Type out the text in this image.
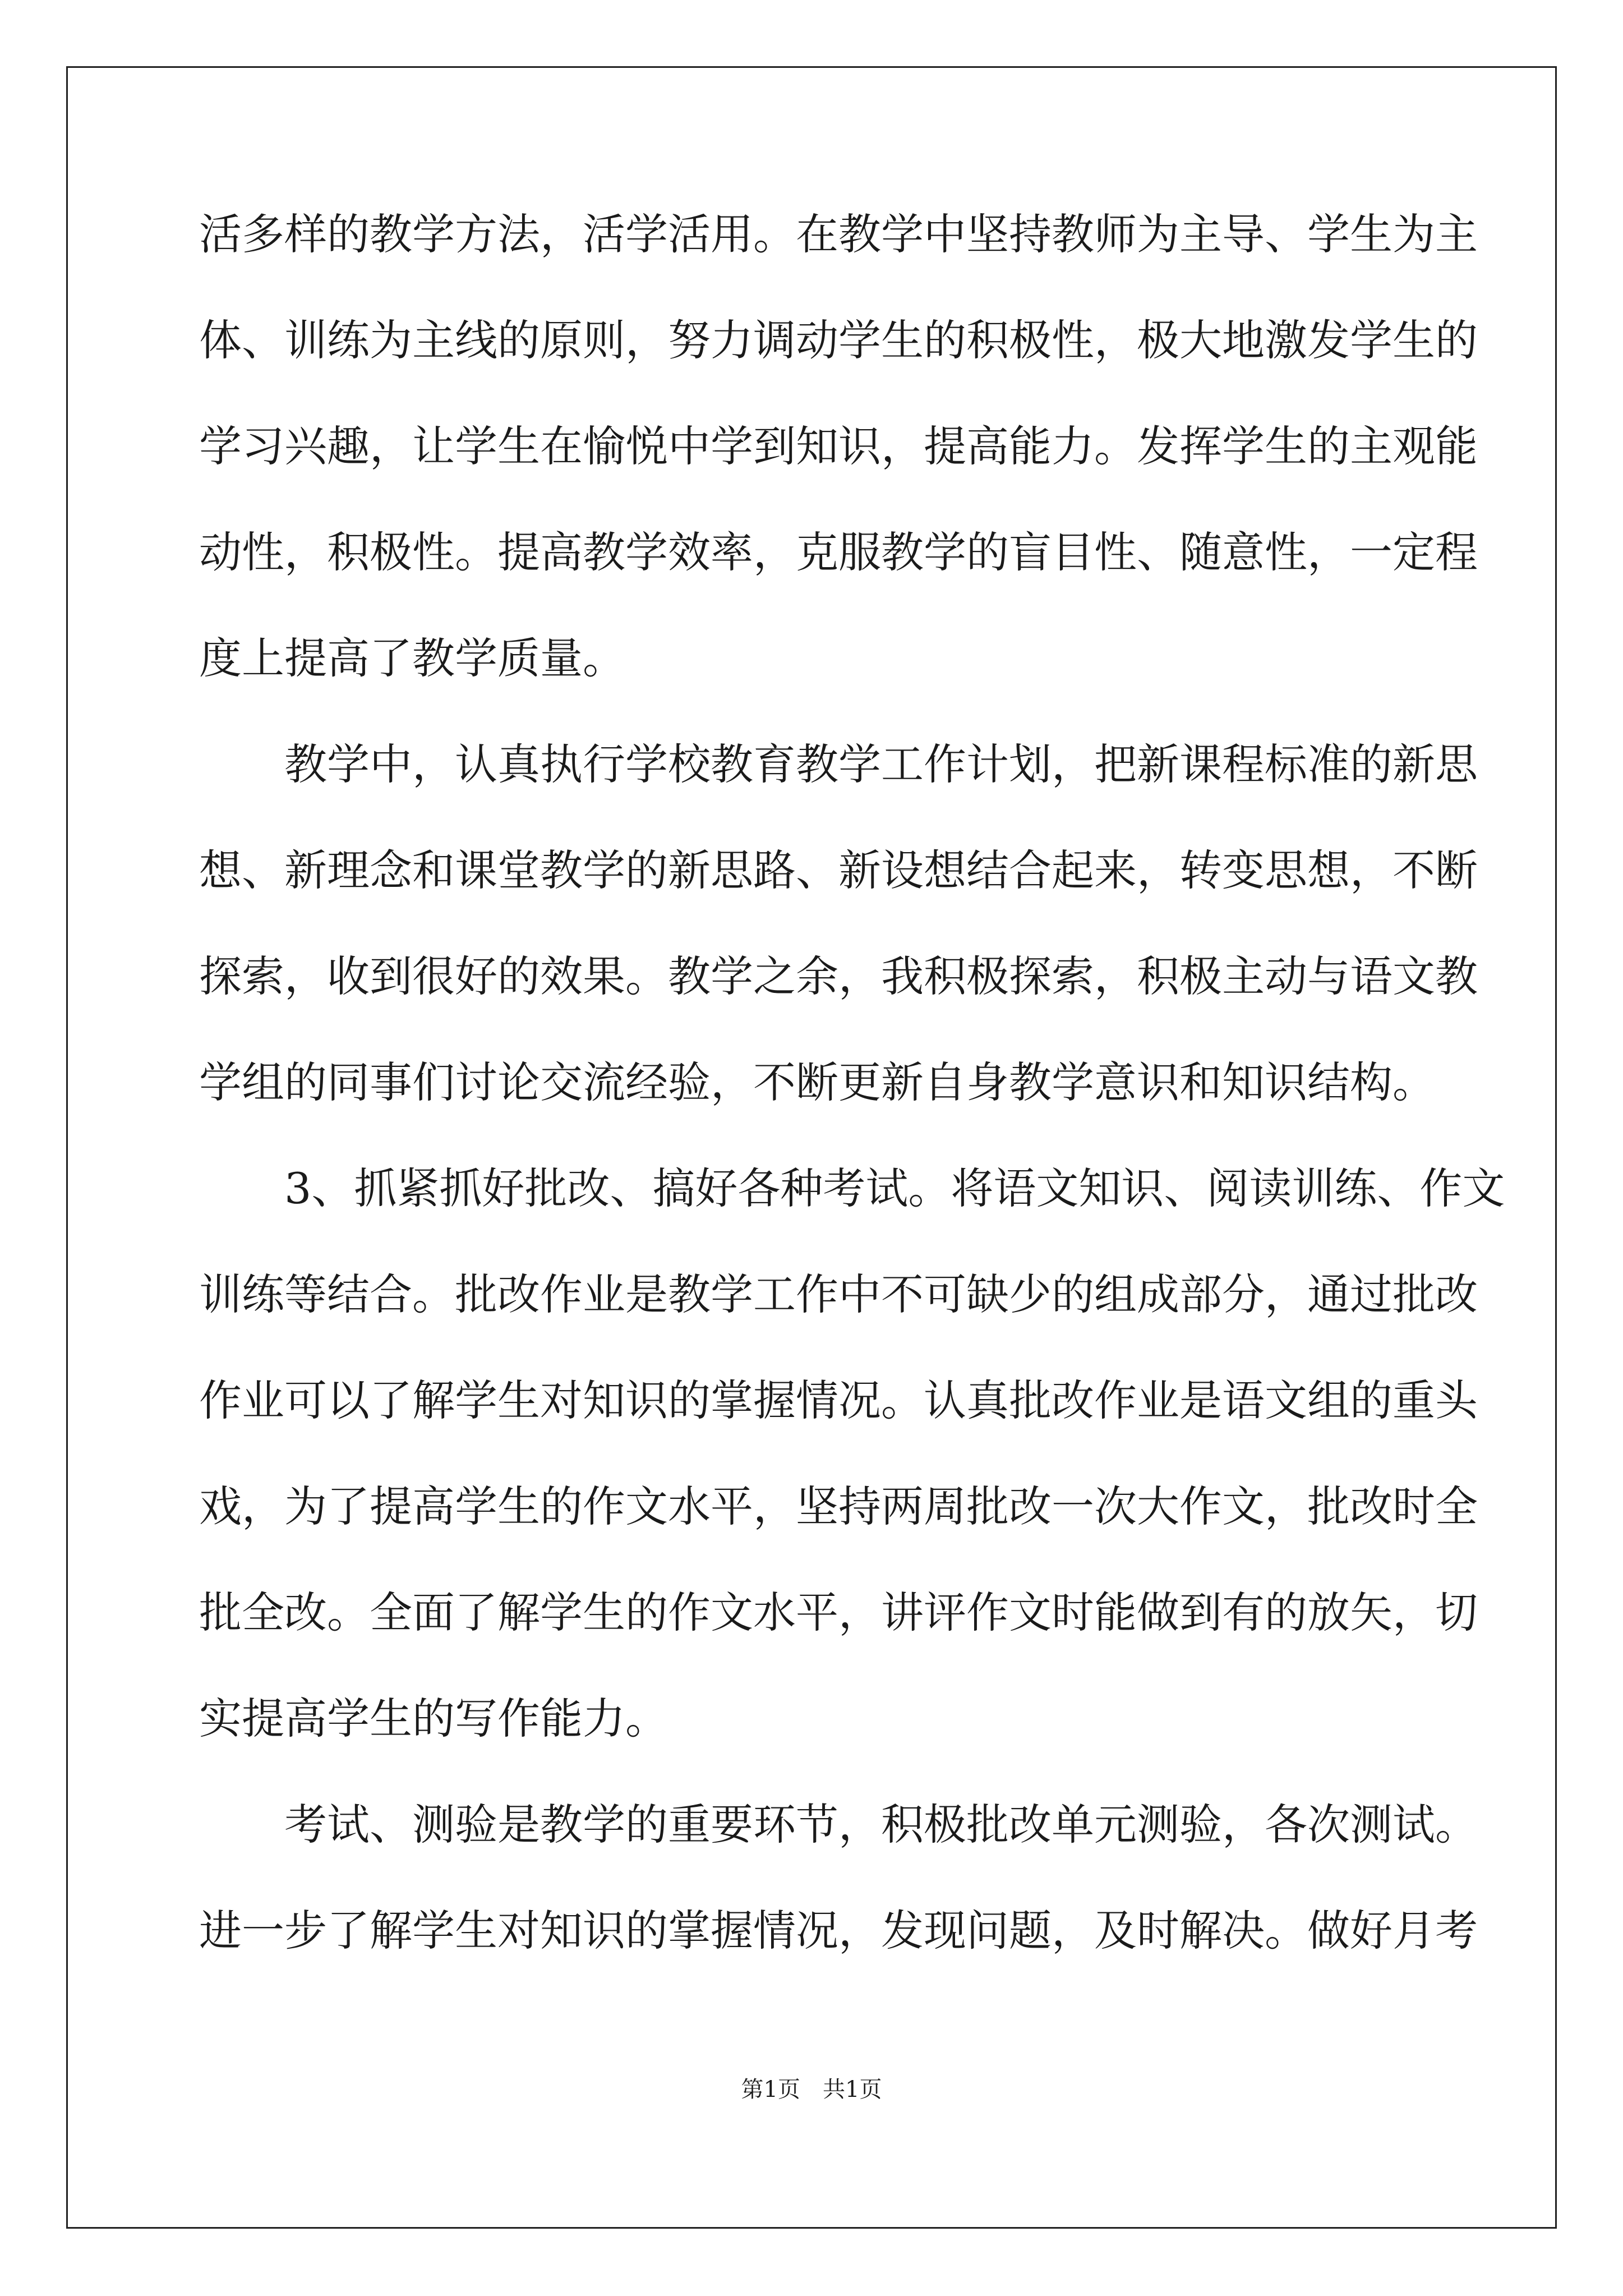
活多样的教学方法，活学活用。在教学中坚持教师为主导、学生为主
体、训练为主线的原则，努力调动学生的积极性，极大地激发学生的
学习兴趣，让学生在愉悦中学到知识，提高能力。发挥学生的主观能
动性，积极性。提高教学效率，克服教学的盲目性、随意性，一定程
度上提高了教学质量。
教学中，认真执行学校教育教学工作计划，把新课程标准的新思
想、新理念和课堂教学的新思路、新设想结合起来，转变思想，不断
探索，收到很好的效果。教学之余，我积极探索，积极主动与语文教
学组的同事们讨论交流经验，不断更新自身教学意识和知识结构。
3、抓紧抓好批改、搞好各种考试。将语文知识、阅读训练、作文
训练等结合。批改作业是教学工作中不可缺少的组成部分，通过批改
作业可以了解学生对知识的掌握情况。认真批改作业是语文组的重头
戏，为了提高学生的作文水平，坚持两周批改一次大作文，批改时全
批全改。全面了解学生的作文水平，讲评作文时能做到有的放矢，切
实提高学生的写作能力。
考试、测验是教学的重要环节，积极批改单元测验，各次测试。
进一步了解学生对知识的掌握情况，发现问题，及时解决。做好月考
第1页 共1页
